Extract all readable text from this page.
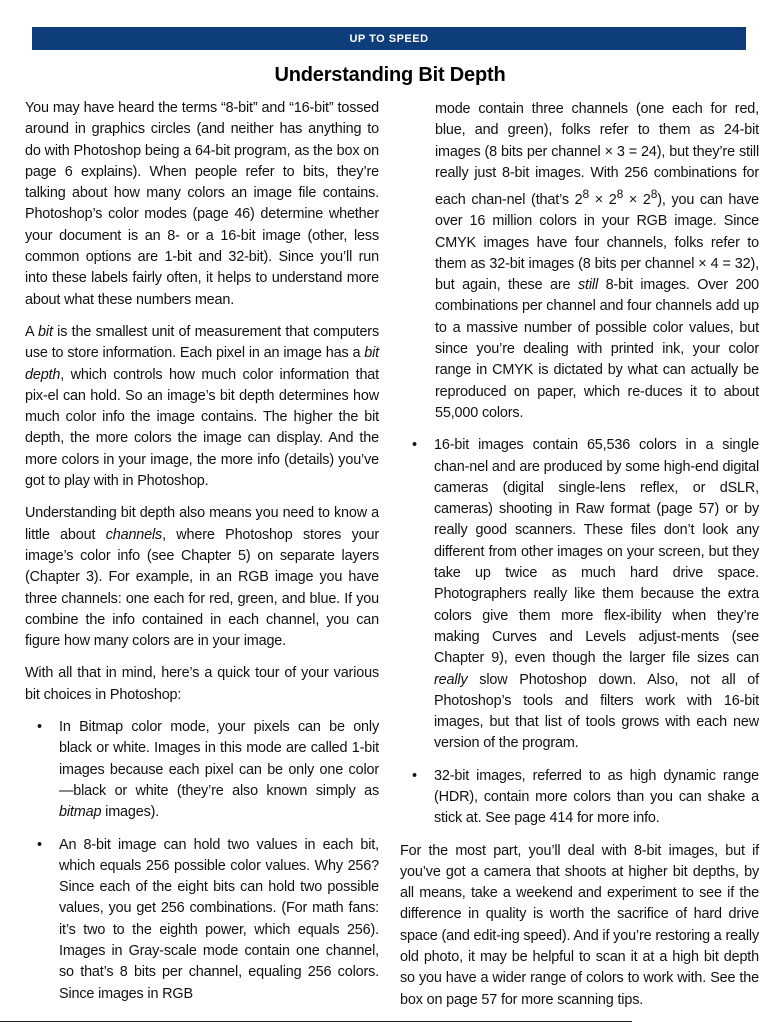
UP TO SPEED
Understanding Bit Depth

You may have heard the terms “8-bit” and “16-bit” tossed around in graphics circles (and neither has anything to do with Photoshop being a 64-bit program, as the box on page 6 explains). When people refer to bits, they’re talking about how many colors an image file contains. Photoshop’s color modes (page 46) determine whether your document is an 8- or a 16-bit image (other, less common options are 1-bit and 32-bit). Since you’ll run into these labels fairly often, it helps to understand more about what these numbers mean.

A bit is the smallest unit of measurement that computers use to store information. Each pixel in an image has a bit depth, which controls how much color information that pix-el can hold. So an image’s bit depth determines how much color info the image contains. The higher the bit depth, the more colors the image can display. And the more colors in your image, the more info (details) you’ve got to play with in Photoshop.

Understanding bit depth also means you need to know a little about channels, where Photoshop stores your image’s color info (see Chapter 5) on separate layers (Chapter 3). For example, in an RGB image you have three channels: one each for red, green, and blue. If you combine the info contained in each channel, you can figure how many colors are in your image.

With all that in mind, here’s a quick tour of your various bit choices in Photoshop:

• In Bitmap color mode, your pixels can be only black or white. Images in this mode are called 1-bit images because each pixel can be only one color—black or white (they’re also known simply as bitmap images).
• An 8-bit image can hold two values in each bit, which equals 256 possible color values. Why 256? Since each of the eight bits can hold two possible values, you get 256 combinations. (For math fans: it’s two to the eighth power, which equals 256). Images in Gray-scale mode contain one channel, so that’s 8 bits per channel, equaling 256 colors. Since images in RGB

mode contain three channels (one each for red, blue, and green), folks refer to them as 24-bit images (8 bits per channel × 3 = 24), but they’re still really just 8-bit images. With 256 combinations for each chan-nel (that’s $2^8 \times 2^8 \times 2^8$), you can have over 16 million colors in your RGB image. Since CMYK images have four channels, folks refer to them as 32-bit images (8 bits per channel × 4 = 32), but again, these are still 8-bit images. Over 200 combinations per channel and four channels add up to a massive number of possible color values, but since you’re dealing with printed ink, your color range in CMYK is dictated by what can actually be reproduced on paper, which re-duces it to about 55,000 colors.

• 16-bit images contain 65,536 colors in a single chan-nel and are produced by some high-end digital cameras (digital single-lens reflex, or dSLR, cameras) shooting in Raw format (page 57) or by really good scanners. These files don’t look any different from other images on your screen, but they take up twice as much hard drive space. Photographers really like them because the extra colors give them more flex-ibility when they’re making Curves and Levels adjust-ments (see Chapter 9), even though the larger file sizes can really slow Photoshop down. Also, not all of Photoshop’s tools and filters work with 16-bit images, but that list of tools grows with each new version of the program.
• 32-bit images, referred to as high dynamic range (HDR), contain more colors than you can shake a stick at. See page 414 for more info.

For the most part, you’ll deal with 8-bit images, but if you’ve got a camera that shoots at higher bit depths, by all means, take a weekend and experiment to see if the difference in quality is worth the sacrifice of hard drive space (and edit-ing speed). And if you’re restoring a really old photo, it may be helpful to scan it at a high bit depth so you have a wider range of colors to work with. See the box on page 57 for more scanning tips.
